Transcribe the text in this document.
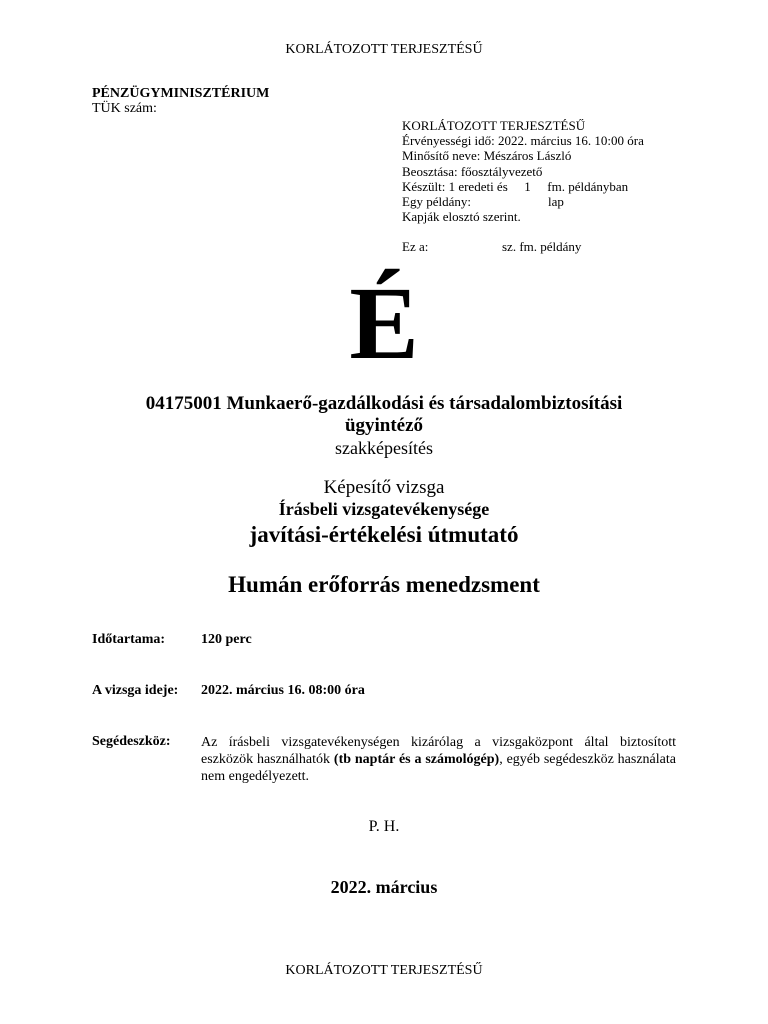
KORLÁTOZOTT TERJESZTÉSŰ
PÉNZÜGYMINISZTÉRIUM
TÜK szám:
KORLÁTOZOTT TERJESZTÉSŰ
Érvényességi idő: 2022. március 16. 10:00 óra
Minősítő neve: Mészáros László
Beosztása: főosztályvezető
Készült: 1 eredeti és 1 fm. példányban
Egy példány:	lap
Kapják elosztó szerint.
Ez a:	sz. fm. példány
É
04175001 Munkaerő-gazdálkodási és társadalombiztosítási
ügyintéző
szakképesítés
Képesítő vizsga
Írásbeli vizsgatevékenysége
javítási-értékelési útmutató
Humán erőforrás menedzsment
Időtartama:	120 perc
A vizsga ideje: 2022. március 16. 08:00 óra
Segédeszköz: Az írásbeli vizsgatevékenységen kizárólag a vizsgaközpont által biztosított eszközök használhatók (tb naptár és a számológép), egyéb segédeszköz használata nem engedélyezett.
P. H.
2022. március
KORLÁTOZOTT TERJESZTÉSŰ
